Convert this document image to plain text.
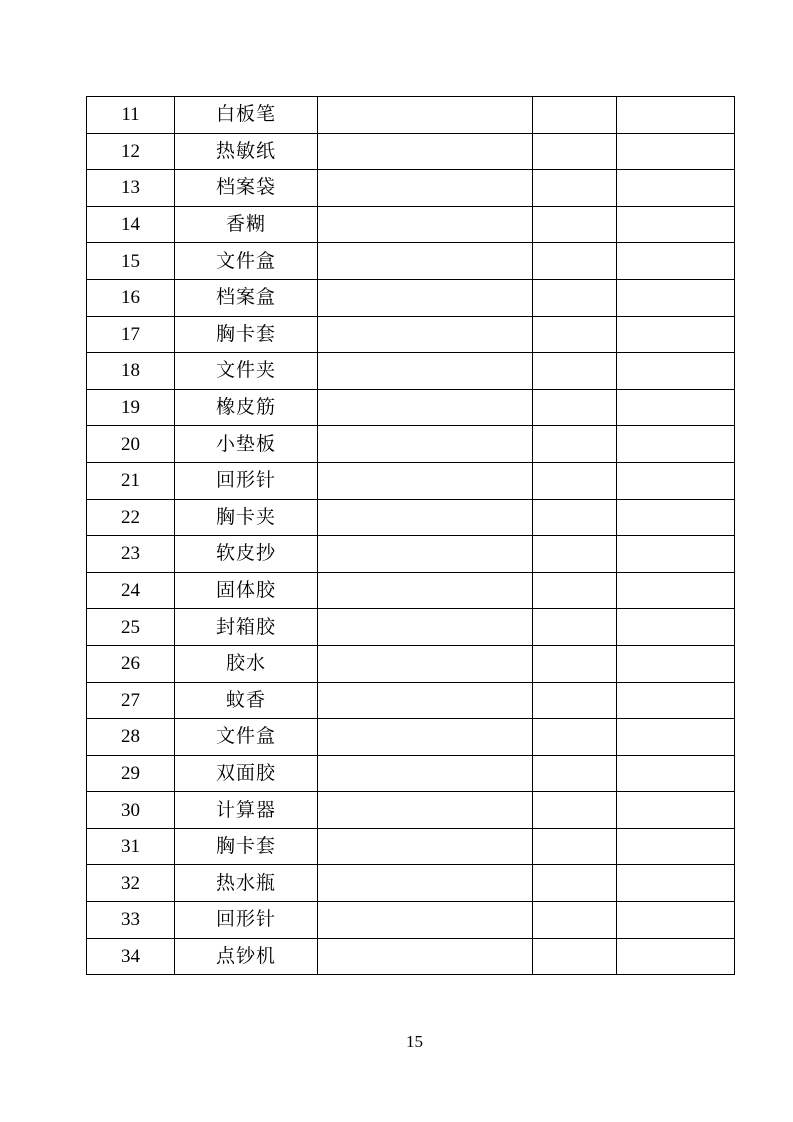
11	白板笔			
12	热敏纸			
13	档案袋			
14	香糊			
15	文件盒			
16	档案盒			
17	胸卡套			
18	文件夹			
19	橡皮筋			
20	小垫板			
21	回形针			
22	胸卡夹			
23	软皮抄			
24	固体胶			
25	封箱胶			
26	胶水			
27	蚊香			
28	文件盒			
29	双面胶			
30	计算器			
31	胸卡套			
32	热水瓶			
33	回形针			
34	点钞机			
15
